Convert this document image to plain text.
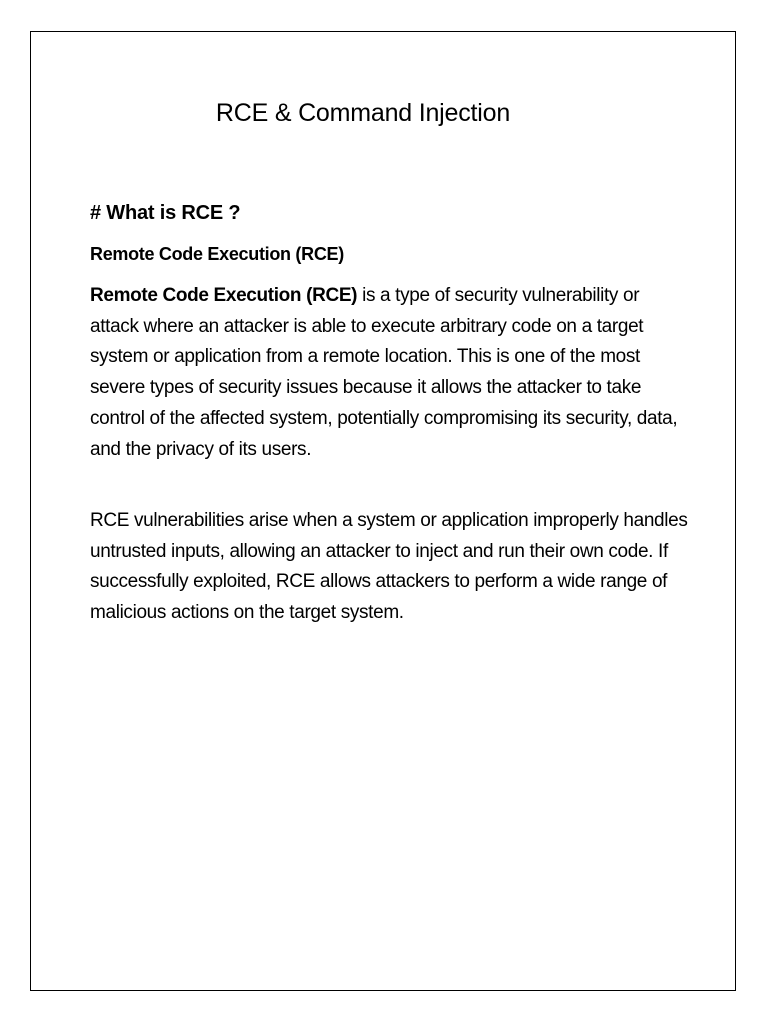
RCE & Command Injection
# What is RCE ?
Remote Code Execution (RCE)

Remote Code Execution (RCE) is a type of security vulnerability or attack where an attacker is able to execute arbitrary code on a target system or application from a remote location. This is one of the most severe types of security issues because it allows the attacker to take control of the affected system, potentially compromising its security, data, and the privacy of its users.

RCE vulnerabilities arise when a system or application improperly handles untrusted inputs, allowing an attacker to inject and run their own code. If successfully exploited, RCE allows attackers to perform a wide range of malicious actions on the target system.
